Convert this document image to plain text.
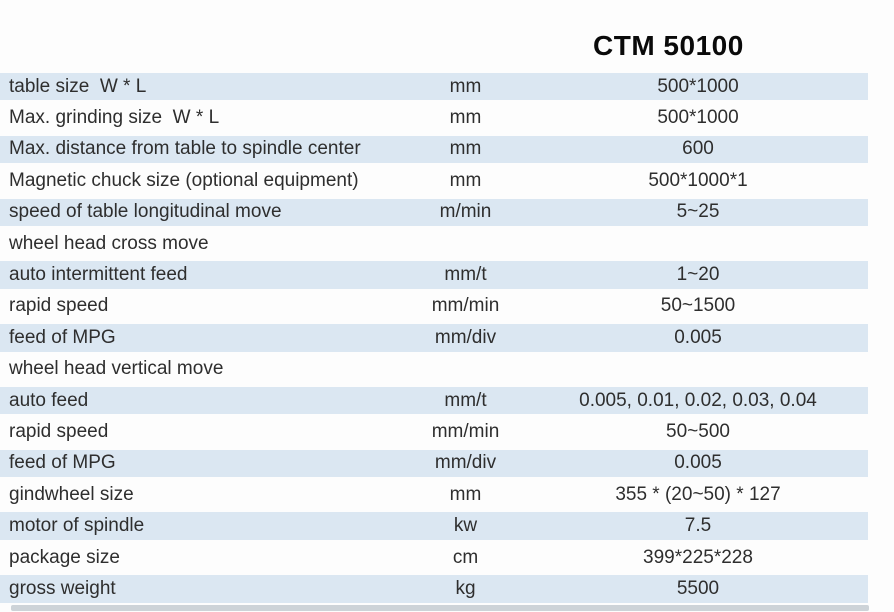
CTM 50100
table size  W * L	mm	500*1000
Max. grinding size  W * L	mm	500*1000
Max. distance from table to spindle center	mm	600
Magnetic chuck size (optional equipment)	mm	500*1000*1
speed of table longitudinal move	m/min	5~25
wheel head cross move
auto intermittent feed	mm/t	1~20
rapid speed	mm/min	50~1500
feed of MPG	mm/div	0.005
wheel head vertical move
auto feed	mm/t	0.005, 0.01, 0.02, 0.03, 0.04
rapid speed	mm/min	50~500
feed of MPG	mm/div	0.005
gindwheel size	mm	355 * (20~50) * 127
motor of spindle	kw	7.5
package size	cm	399*225*228
gross weight	kg	5500
